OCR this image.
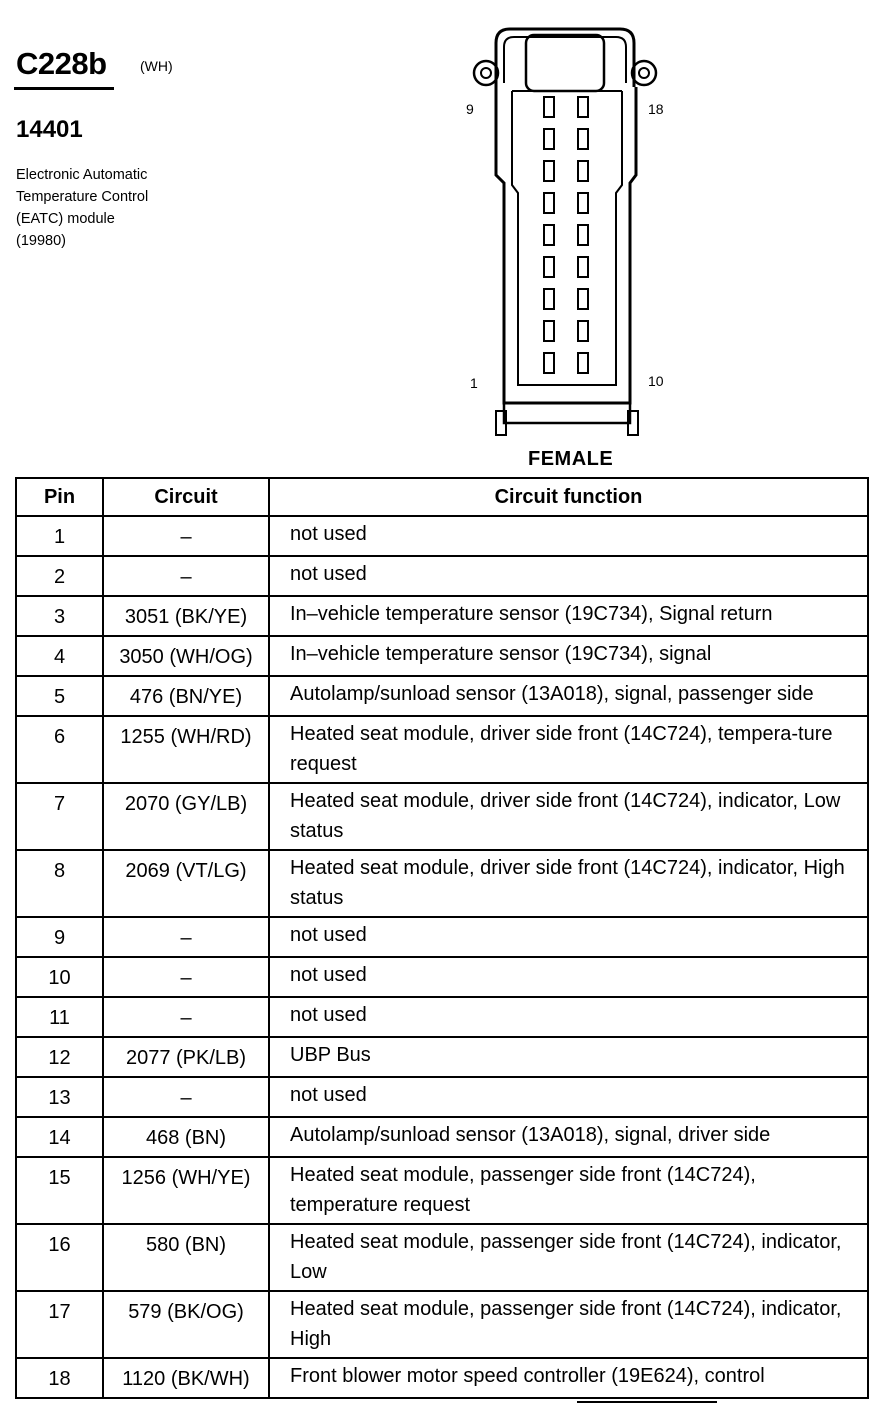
C228b (WH)
14401
Electronic Automatic
Temperature Control
(EATC) module
(19980)
9	18
1	10
FEMALE
Pin	Circuit	Circuit function
1	–	not used
2	–	not used
3	3051 (BK/YE)	In–vehicle temperature sensor (19C734), Signal return
4	3050 (WH/OG)	In–vehicle temperature sensor (19C734), signal
5	476 (BN/YE)	Autolamp/sunload sensor (13A018), signal, passenger side
6	1255 (WH/RD)	Heated seat module, driver side front (14C724), tempera-ture request
7	2070 (GY/LB)	Heated seat module, driver side front (14C724), indicator, Low status
8	2069 (VT/LG)	Heated seat module, driver side front (14C724), indicator, High status
9	–	not used
10	–	not used
11	–	not used
12	2077 (PK/LB)	UBP Bus
13	–	not used
14	468 (BN)	Autolamp/sunload sensor (13A018), signal, driver side
15	1256 (WH/YE)	Heated seat module, passenger side front (14C724), temperature request
16	580 (BN)	Heated seat module, passenger side front (14C724), indicator, Low
17	579 (BK/OG)	Heated seat module, passenger side front (14C724), indicator, High
18	1120 (BK/WH)	Front blower motor speed controller (19E624), control
